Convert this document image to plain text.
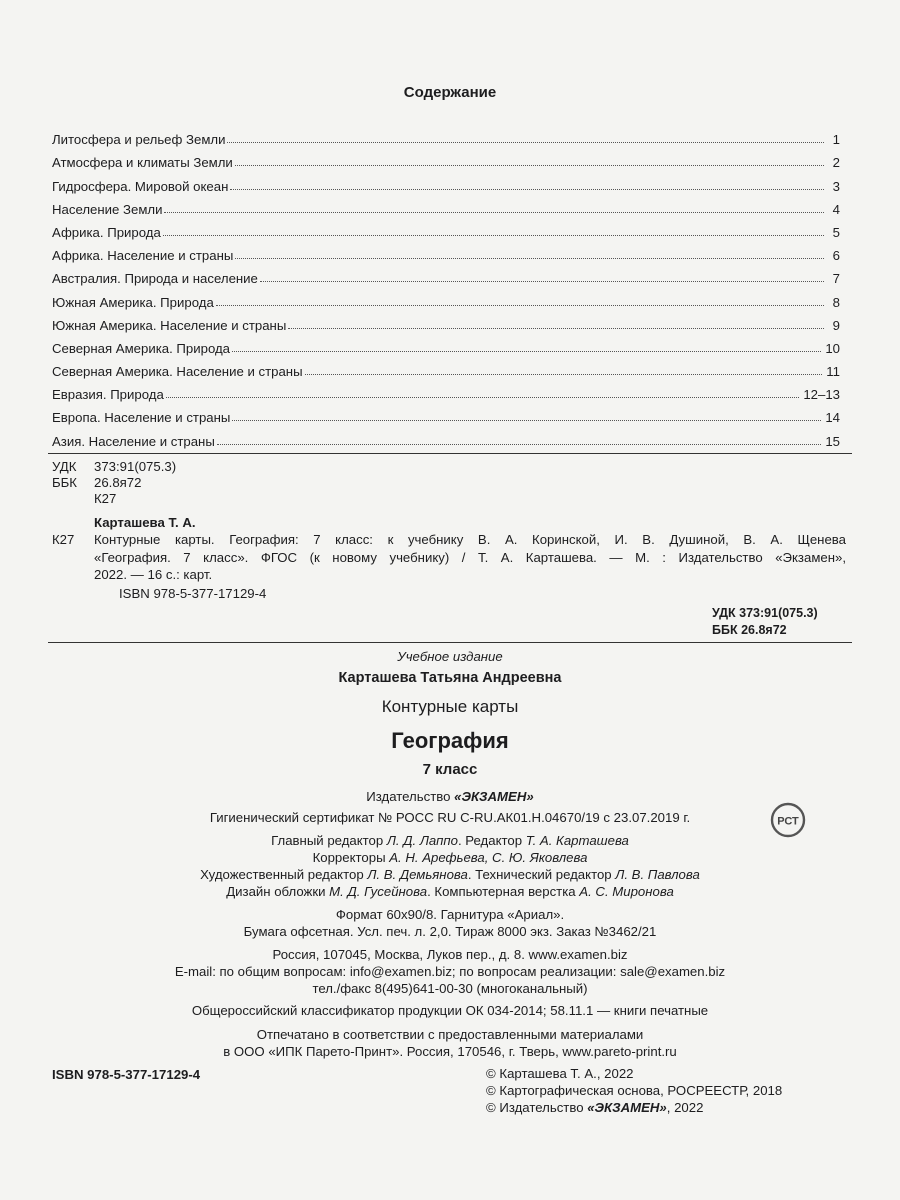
Содержание
Литосфера и рельеф Земли	1
Атмосфера и климаты Земли	2
Гидросфера. Мировой океан	3
Население Земли	4
Африка. Природа	5
Африка. Население и страны	6
Австралия. Природа и население	7
Южная Америка. Природа	8
Южная Америка. Население и страны	9
Северная Америка. Природа	10
Северная Америка. Население и страны	11
Евразия. Природа	12–13
Европа. Население и страны	14
Азия. Население и страны	15
УДК 373:91(075.3)
ББК 26.8я72
К27
Карташева Т. А.
К27 Контурные карты. География: 7 класс: к учебнику В. А. Коринской, И. В. Душиной, В. А. Щенева
«География. 7 класс». ФГОС (к новому учебнику) / Т. А. Карташева. — М. : Издательство «Экзамен»,
2022. — 16 с.: карт.
ISBN 978-5-377-17129-4
УДК 373:91(075.3)
ББК 26.8я72
Учебное издание
Карташева Татьяна Андреевна
Контурные карты
География
7 класс
Издательство «ЭКЗАМЕН»
Гигиенический сертификат № РОСС RU С-RU.АК01.Н.04670/19 с 23.07.2019 г.	РСТ
Главный редактор Л. Д. Лаппо. Редактор Т. А. Карташева
Корректоры А. Н. Арефьева, С. Ю. Яковлева
Художественный редактор Л. В. Демьянова. Технический редактор Л. В. Павлова
Дизайн обложки М. Д. Гусейнова. Компьютерная верстка А. С. Миронова
Формат 60x90/8. Гарнитура «Ариал».
Бумага офсетная. Усл. печ. л. 2,0. Тираж 8000 экз. Заказ №3462/21
Россия, 107045, Москва, Луков пер., д. 8. www.examen.biz
E-mail: по общим вопросам: info@examen.biz; по вопросам реализации: sale@examen.biz
тел./факс 8(495)641-00-30 (многоканальный)
Общероссийский классификатор продукции ОК 034-2014; 58.11.1 — книги печатные
Отпечатано в соответствии с предоставленными материалами
в ООО «ИПК Парето-Принт». Россия, 170546, г. Тверь, www.pareto-print.ru
ISBN 978-5-377-17129-4	© Карташева Т. А., 2022
© Картографическая основа, РОСРЕЕСТР, 2018
© Издательство «ЭКЗАМЕН», 2022
